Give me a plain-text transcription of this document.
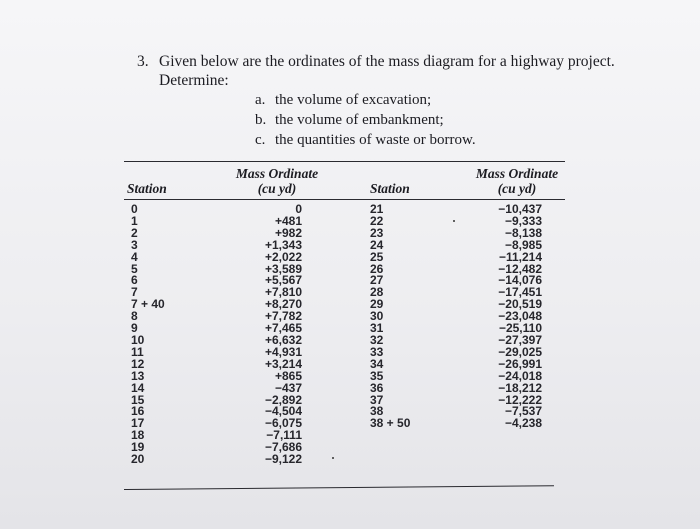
3. Given below are the ordinates of the mass diagram for a highway project.
Determine:
a. the volume of excavation;
b. the volume of embankment;
c. the quantities of waste or borrow.
Station
Mass Ordinate
(cu yd)	Station
Mass Ordinate
(cu yd)
0
1
2
3
4
5
6
7
7 + 40
8
9
10
11
12
13
14
15
16
17
18
19
20
0
+481
+982
+1,343
+2,022
+3,589
+5,567
+7,810
+8,270
+7,782
+7,465
+6,632
+4,931
+3,214
+865
−437
−2,892
−4,504
−6,075
−7,111
−7,686
−9,122
21
22
23
24
25
26
27
28
29
30
31
32
33
34
35
36
37
38
38 + 50
−10,437
−9,333
−8,138
−8,985
−11,214
−12,482
−14,076
−17,451
−20,519
−23,048
−25,110
−27,397
−29,025
−26,991
−24,018
−18,212
−12,222
−7,537
−4,238
